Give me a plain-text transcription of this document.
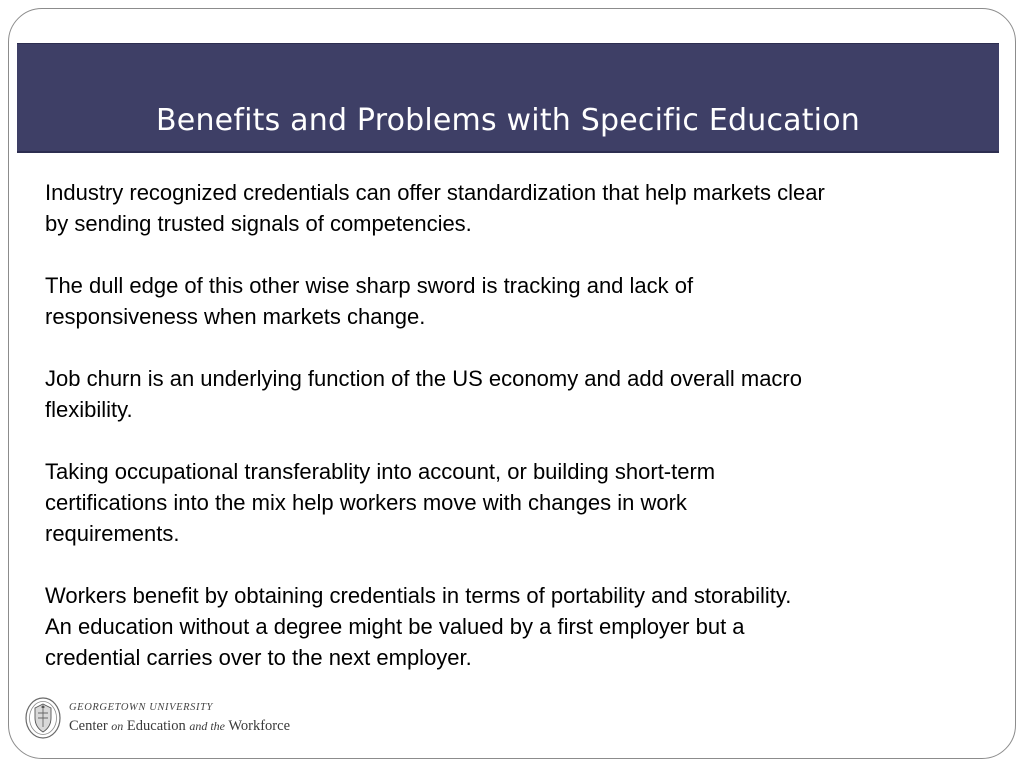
Benefits and Problems with Specific Education

Industry recognized credentials can offer standardization that help markets clear
by sending trusted signals of competencies.

The dull edge of this other wise sharp sword is tracking and lack of
responsiveness when markets change.

Job churn is an underlying function of the US economy and add overall macro
flexibility.

Taking occupational transferablity into account, or building short-term
certifications into the mix help workers move with changes in work
requirements.

Workers benefit by obtaining credentials in terms of portability and storability.
An education without a degree might be valued by a first employer but a
credential carries over to the next employer.

GEORGETOWN UNIVERSITY
Center on Education and the Workforce
